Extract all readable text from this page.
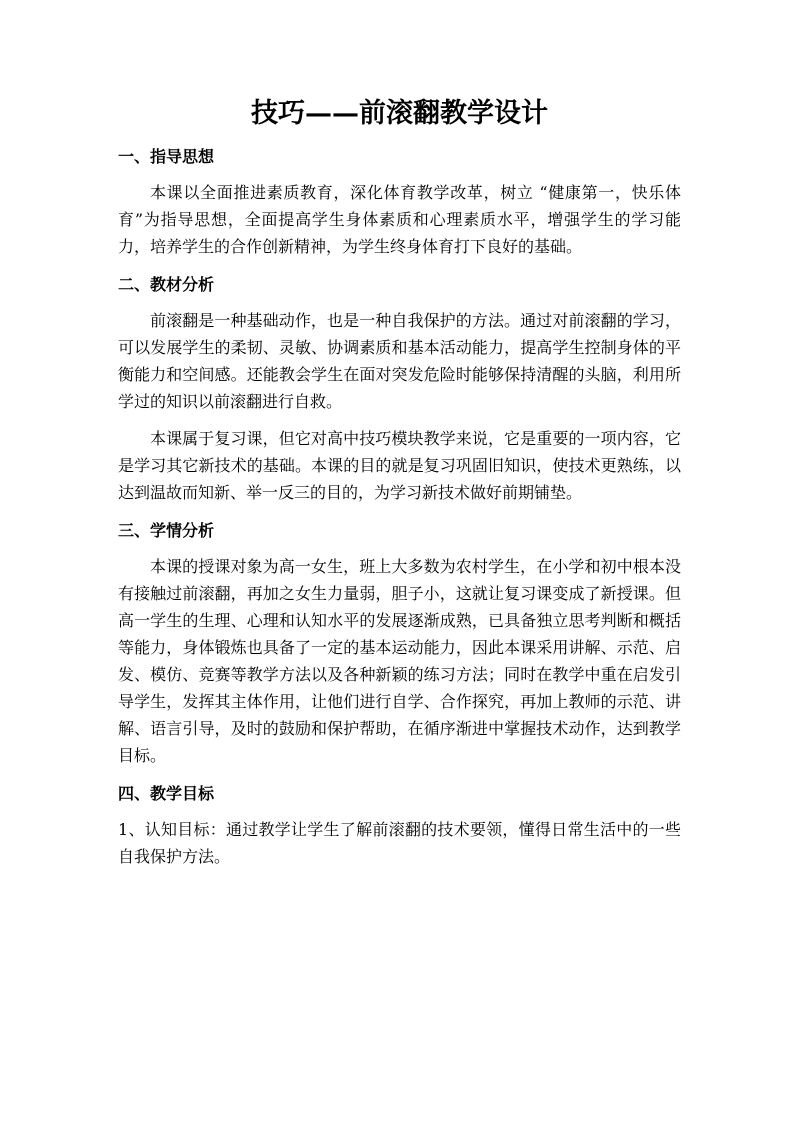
技巧——前滚翻教学设计
一、指导思想

本课以全面推进素质教育，深化体育教学改革，树立 “健康第一，快乐体育”为指导思想，全面提高学生身体素质和心理素质水平，增强学生的学习能力，培养学生的合作创新精神，为学生终身体育打下良好的基础。

二、教材分析

前滚翻是一种基础动作，也是一种自我保护的方法。通过对前滚翻的学习，可以发展学生的柔韧、灵敏、协调素质和基本活动能力，提高学生控制身体的平衡能力和空间感。还能教会学生在面对突发危险时能够保持清醒的头脑，利用所学过的知识以前滚翻进行自救。

本课属于复习课，但它对高中技巧模块教学来说，它是重要的一项内容，它是学习其它新技术的基础。本课的目的就是复习巩固旧知识，使技术更熟练，以达到温故而知新、举一反三的目的，为学习新技术做好前期铺垫。

三、学情分析

本课的授课对象为高一女生，班上大多数为农村学生，在小学和初中根本没有接触过前滚翻，再加之女生力量弱，胆子小，这就让复习课变成了新授课。但高一学生的生理、心理和认知水平的发展逐渐成熟，已具备独立思考判断和概括等能力，身体锻炼也具备了一定的基本运动能力，因此本课采用讲解、示范、启发、模仿、竞赛等教学方法以及各种新颖的练习方法；同时在教学中重在启发引导学生，发挥其主体作用，让他们进行自学、合作探究，再加上教师的示范、讲解、语言引导，及时的鼓励和保护帮助，在循序渐进中掌握技术动作，达到教学目标。

四、教学目标

1、认知目标：通过教学让学生了解前滚翻的技术要领，懂得日常生活中的一些自我保护方法。
